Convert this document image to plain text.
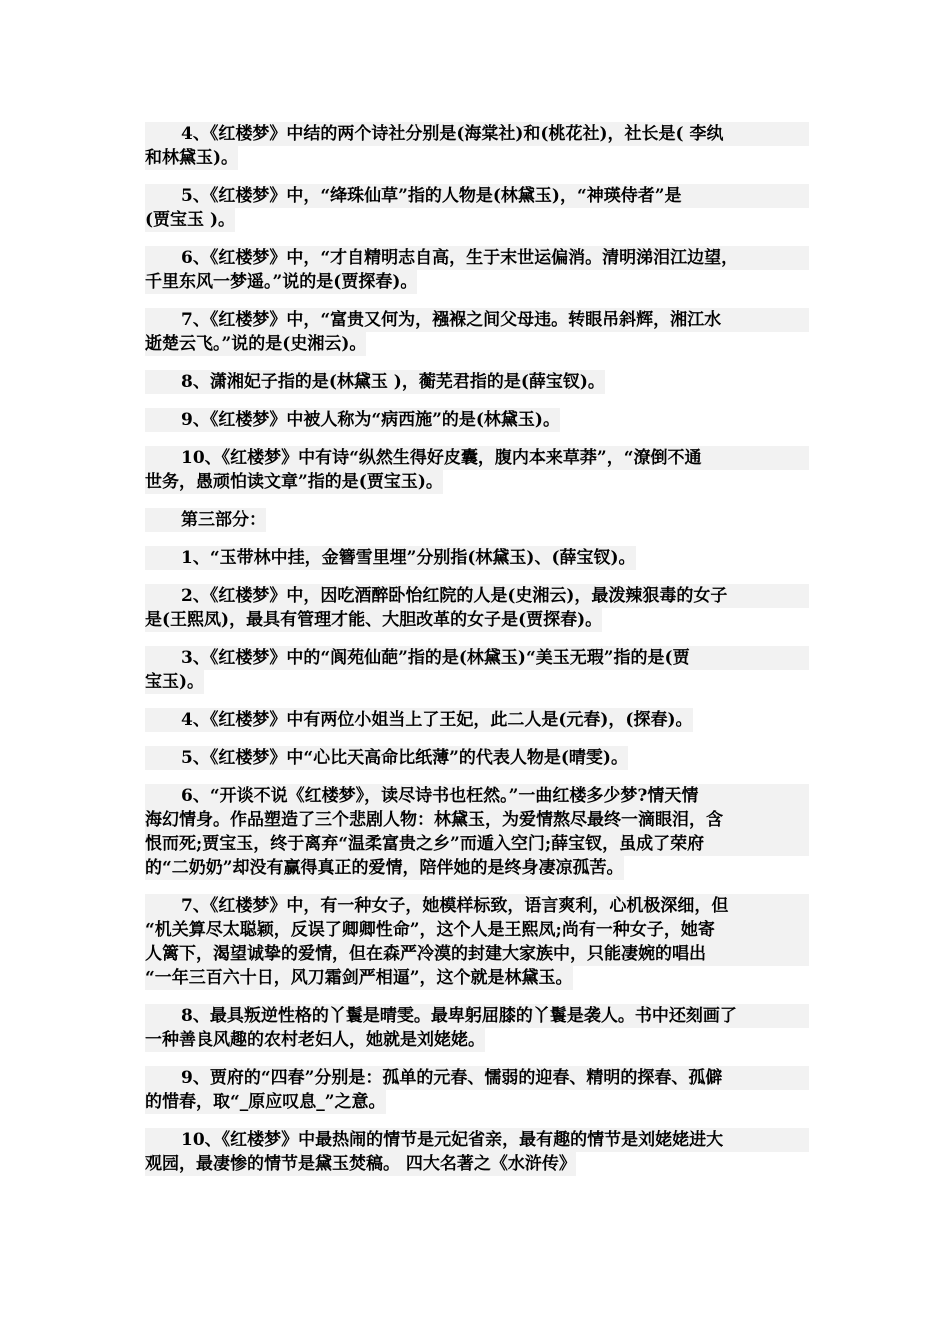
4、《红楼梦》中结的两个诗社分别是(海棠社)和(桃花社)，社长是( 李纨
和林黛玉)。
5、《红楼梦》中，“绛珠仙草”指的人物是(林黛玉)，“神瑛侍者”是
(贾宝玉 )。
6、《红楼梦》中，“才自精明志自高，生于末世运偏消。清明涕泪江边望，
千里东风一梦遥。”说的是(贾探春)。
7、《红楼梦》中，“富贵又何为，襁褓之间父母违。转眼吊斜辉，湘江水
逝楚云飞。”说的是(史湘云)。
8、潇湘妃子指的是(林黛玉 )，蘅芜君指的是(薛宝钗)。
9、《红楼梦》中被人称为“病西施”的是(林黛玉)。
10、《红楼梦》中有诗“纵然生得好皮囊，腹内本来草莽”，“潦倒不通
世务，愚顽怕读文章”指的是(贾宝玉)。
第三部分：
1、“玉带林中挂，金簪雪里埋”分别指(林黛玉)、(薛宝钗)。
2、《红楼梦》中，因吃酒醉卧怡红院的人是(史湘云)，最泼辣狠毒的女子
是(王熙凤)，最具有管理才能、大胆改革的女子是(贾探春)。
3、《红楼梦》中的“阆苑仙葩”指的是(林黛玉)“美玉无瑕”指的是(贾
宝玉)。
4、《红楼梦》中有两位小姐当上了王妃，此二人是(元春)，(探春)。
5、《红楼梦》中“心比天高命比纸薄”的代表人物是(晴雯)。
6、“开谈不说《红楼梦》，读尽诗书也枉然。”一曲红楼多少梦?情天情
海幻情身。作品塑造了三个悲剧人物：林黛玉，为爱情熬尽最终一滴眼泪，含
恨而死;贾宝玉，终于离弃“温柔富贵之乡”而遁入空门;薛宝钗，虽成了荣府
的“二奶奶”却没有赢得真正的爱情，陪伴她的是终身凄凉孤苦。
7、《红楼梦》中，有一种女子，她模样标致，语言爽利，心机极深细，但
“机关算尽太聪颖，反误了卿卿性命”，这个人是王熙凤;尚有一种女子，她寄
人篱下，渴望诚挚的爱情，但在森严冷漠的封建大家族中，只能凄婉的唱出
“一年三百六十日，风刀霜剑严相逼”，这个就是林黛玉。
8、最具叛逆性格的丫鬟是晴雯。最卑躬屈膝的丫鬟是袭人。书中还刻画了
一种善良风趣的农村老妇人，她就是刘姥姥。
9、贾府的“四春”分别是：孤单的元春、懦弱的迎春、精明的探春、孤僻
的惜春，取“_原应叹息_”之意。
10、《红楼梦》中最热闹的情节是元妃省亲，最有趣的情节是刘姥姥进大
观园，最凄惨的情节是黛玉焚稿。 四大名著之《水浒传》
